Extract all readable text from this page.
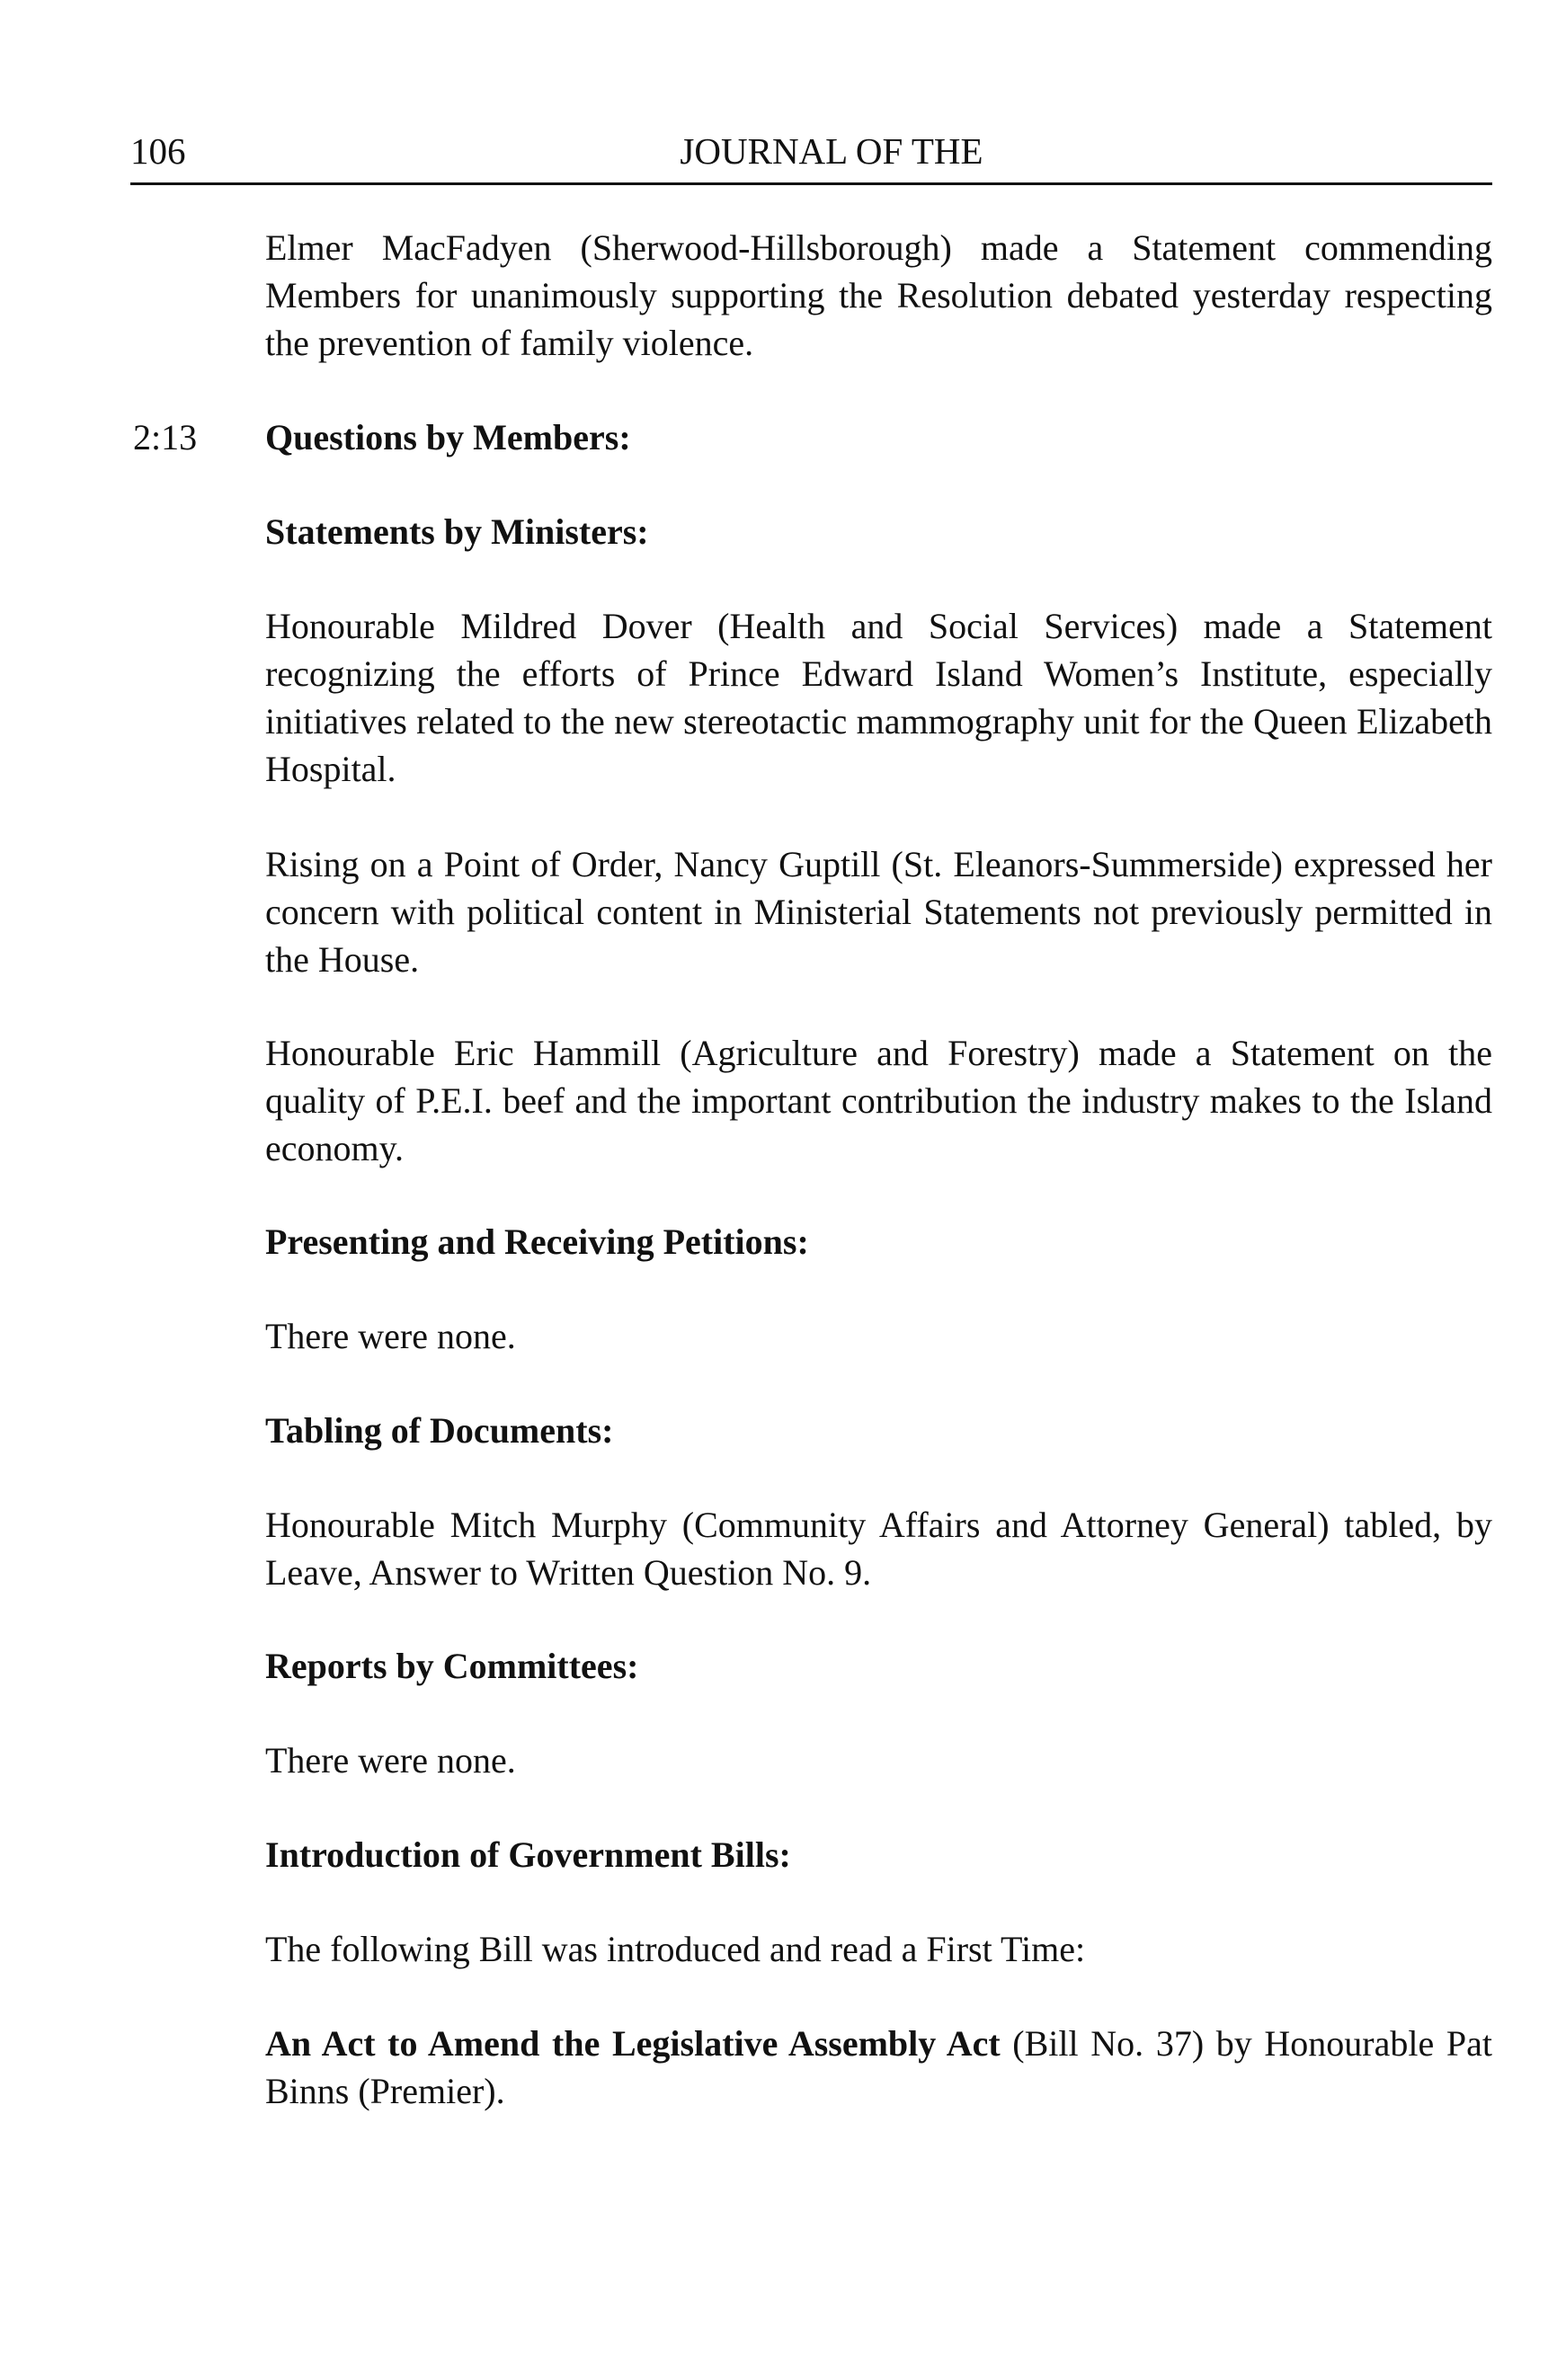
106	JOURNAL OF THE

Elmer MacFadyen (Sherwood-Hillsborough) made a Statement commending Members for unanimously supporting the Resolution debated yesterday respecting the prevention of family violence.

2:13 Questions by Members:

Statements by Ministers:

Honourable Mildred Dover (Health and Social Services) made a Statement recognizing the efforts of Prince Edward Island Women’s Institute, especially initiatives related to the new stereotactic mammography unit for the Queen Elizabeth Hospital.

Rising on a Point of Order, Nancy Guptill (St. Eleanors-Summerside) expressed her concern with political content in Ministerial Statements not previously permitted in the House.

Honourable Eric Hammill (Agriculture and Forestry) made a Statement on the quality of P.E.I. beef and the important contribution the industry makes to the Island economy.

Presenting and Receiving Petitions:

There were none.

Tabling of Documents:

Honourable Mitch Murphy (Community Affairs and Attorney General) tabled, by Leave, Answer to Written Question No. 9.

Reports by Committees:

There were none.

Introduction of Government Bills:

The following Bill was introduced and read a First Time:

An Act to Amend the Legislative Assembly Act (Bill No. 37) by Honourable Pat Binns (Premier).
